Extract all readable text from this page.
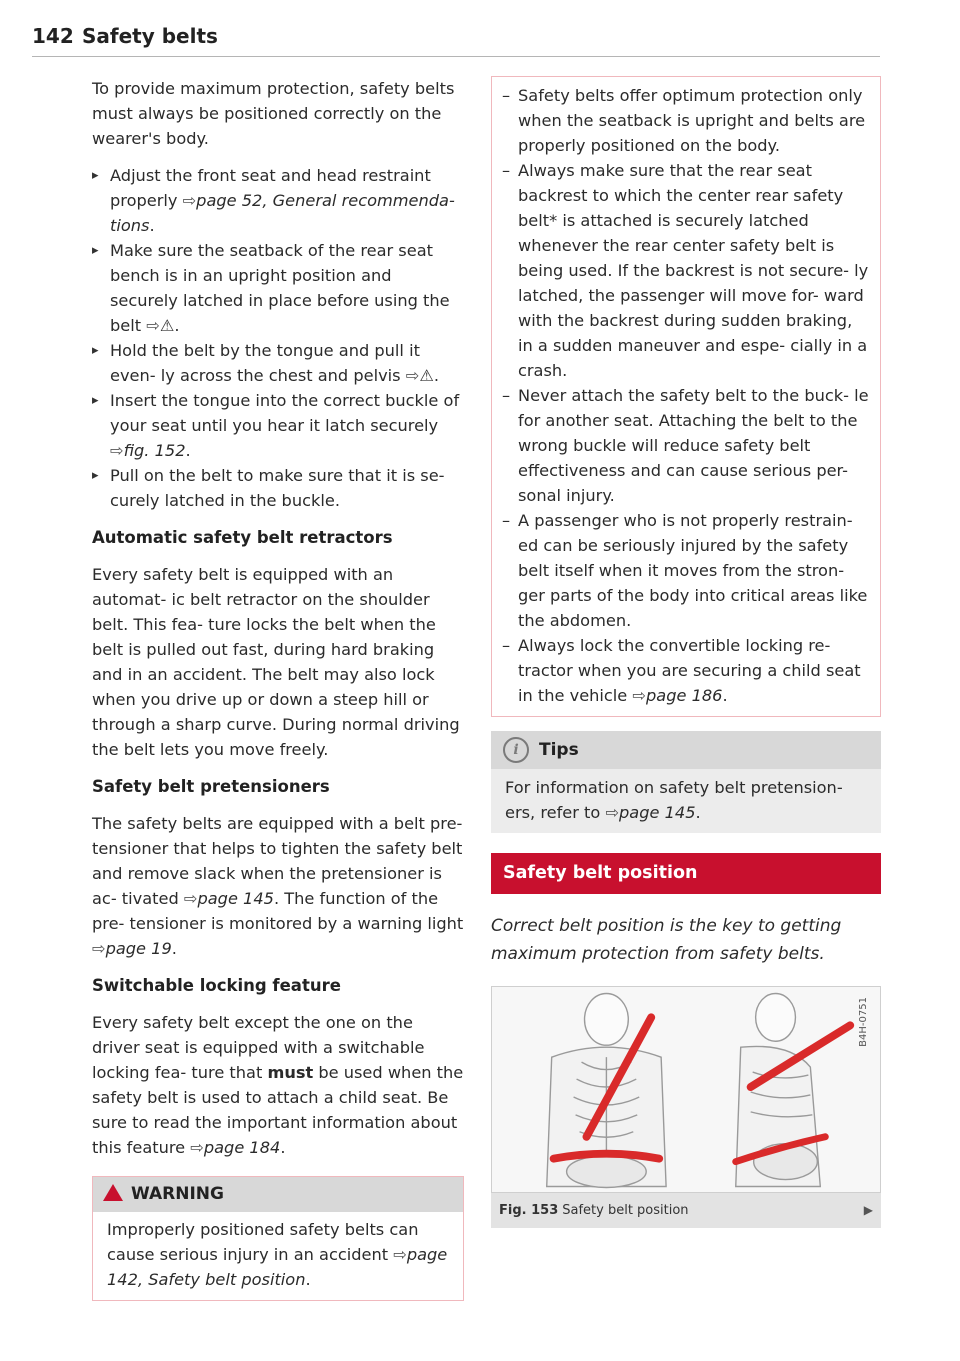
142 Safety belts

To provide maximum protection, safety belts must always be positioned correctly on the wearer's body.

▸ Adjust the front seat and head restraint properly ⇨page 52, General recommenda- tions.
▸ Make sure the seatback of the rear seat bench is in an upright position and securely latched in place before using the belt ⇨⚠.
▸ Hold the belt by the tongue and pull it even- ly across the chest and pelvis ⇨⚠.
▸ Insert the tongue into the correct buckle of your seat until you hear it latch securely ⇨fig. 152.
▸ Pull on the belt to make sure that it is se- curely latched in the buckle.
Automatic safety belt retractors

Every safety belt is equipped with an automat- ic belt retractor on the shoulder belt. This fea- ture locks the belt when the belt is pulled out fast, during hard braking and in an accident. The belt may also lock when you drive up or down a steep hill or through a sharp curve. During normal driving the belt lets you move freely.

Safety belt pretensioners

The safety belts are equipped with a belt pre- tensioner that helps to tighten the safety belt and remove slack when the pretensioner is ac- tivated ⇨page 145. The function of the pre- tensioner is monitored by a warning light ⇨page 19.

Switchable locking feature

Every safety belt except the one on the driver seat is equipped with a switchable locking fea- ture that must be used when the safety belt is used to attach a child seat. Be sure to read the important information about this feature ⇨page 184.

WARNING
Improperly positioned safety belts can cause serious injury in an accident ⇨page 142, Safety belt position.
– Safety belts offer optimum protection only when the seatback is upright and belts are properly positioned on the body.
– Always make sure that the rear seat backrest to which the center rear safety belt* is attached is securely latched whenever the rear center safety belt is being used. If the backrest is not secure- ly latched, the passenger will move for- ward with the backrest during sudden braking, in a sudden maneuver and espe- cially in a crash.
– Never attach the safety belt to the buck- le for another seat. Attaching the belt to the wrong buckle will reduce safety belt effectiveness and can cause serious per- sonal injury.
– A passenger who is not properly restrain- ed can be seriously injured by the safety belt itself when it moves from the stron- ger parts of the body into critical areas like the abdomen.
– Always lock the convertible locking re- tractor when you are securing a child seat in the vehicle ⇨page 186.
i	Tips
For information on safety belt pretension- ers, refer to ⇨page 145.
Safety belt position
Correct belt position is the key to getting maximum protection from safety belts.
B4H-0751
Fig. 153 Safety belt position	▶
